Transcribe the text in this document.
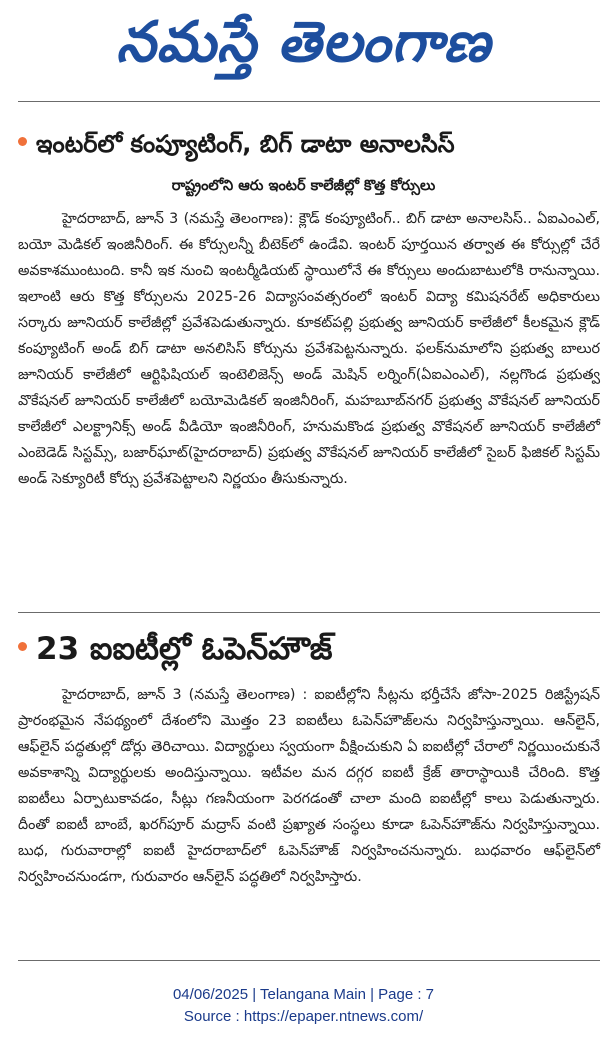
నమస్తే తెలంగాణ
ఇంటర్‌లో కంప్యూటింగ్, బిగ్ డాటా అనాలసిస్
రాష్ట్రంలోని ఆరు ఇంటర్ కాలేజీల్లో కొత్త కోర్సులు
హైదరాబాద్, జూన్ 3 (నమస్తే తెలంగాణ): క్లౌడ్ కంప్యూటింగ్.. బిగ్ డాటా అనాలసిస్.. ఏఐఎంఎల్, బయో మెడికల్ ఇంజినీరింగ్. ఈ కోర్సులన్నీ బీటెక్‌లో ఉండేవి. ఇంటర్ పూర్తయిన తర్వాత ఈ కోర్సుల్లో చేరే అవకాశముంటుంది. కానీ ఇక నుంచి ఇంటర్మీడియట్ స్థాయిలోనే ఈ కోర్సులు అందుబాటులోకి రానున్నాయి. ఇలాంటి ఆరు కొత్త కోర్సులను 2025-26 విద్యాసంవత్సరంలో ఇంటర్ విద్యా కమిషనరేట్ అధికారులు సర్కారు జూనియర్ కాలేజీల్లో ప్రవేశపెడుతున్నారు. కూకట్‌పల్లి ప్రభుత్వ జూనియర్ కాలేజీలో కీలకమైన క్లౌడ్ కంప్యూటింగ్ అండ్ బిగ్ డాటా అనలిసిస్ కోర్సును ప్రవేశపెట్టనున్నారు. ఫలక్‌నుమాలోని ప్రభుత్వ బాలుర జూనియర్ కాలేజీలో ఆర్టిఫిషియల్ ఇంటెలిజెన్స్ అండ్ మెషిన్ లర్నింగ్(ఏఐఎంఎల్), నల్లగొండ ప్రభుత్వ వొకేషనల్ జూనియర్ కాలేజీలో బయోమెడికల్ ఇంజినీరింగ్, మహబూబ్‌నగర్ ప్రభుత్వ వొకేషనల్ జూనియర్ కాలేజీలో ఎలక్ట్రానిక్స్ అండ్ వీడియో ఇంజినీరింగ్, హనుమకొండ ప్రభుత్వ వొకేషనల్ జూనియర్ కాలేజీలో ఎంబెడెడ్ సిస్టమ్స్, బజార్‌ఘాట్(హైదరాబాద్) ప్రభుత్వ వొకేషనల్ జూనియర్ కాలేజీలో సైబర్ ఫిజికల్ సిస్టమ్ అండ్ సెక్యూరిటీ కోర్సు ప్రవేశపెట్టాలని నిర్ణయం తీసుకున్నారు.
23 ఐఐటీల్లో ఓపెన్‌హౌజ్
హైదరాబాద్, జూన్ 3 (నమస్తే తెలంగాణ) : ఐఐటీల్లోని సీట్లను భర్తీచేసే జోసా-2025 రిజిస్ట్రేషన్ ప్రారంభమైన నేపథ్యంలో దేశంలోని మొత్తం 23 ఐఐటీలు ఓపెన్‌హౌజ్‌లను నిర్వహిస్తున్నాయి. ఆన్‌లైన్, ఆఫ్‌లైన్ పద్ధతుల్లో డోర్లు తెరిచాయి. విద్యార్థులు స్వయంగా వీక్షించుకుని ఏ ఐఐటీల్లో చేరాలో నిర్ణయించుకునే అవకాశాన్ని విద్యార్థులకు అందిస్తున్నాయి. ఇటీవల మన దగ్గర ఐఐటీ క్రేజ్ తారాస్థాయికి చేరింది. కొత్త ఐఐటీలు ఏర్పాటుకావడం, సీట్లు గణనీయంగా పెరగడంతో చాలా మంది ఐఐటీల్లో కాలు పెడుతున్నారు. దీంతో ఐఐటీ బాంబే, ఖరగ్‌పూర్ మద్రాస్ వంటి ప్రఖ్యాత సంస్థలు కూడా ఓపెన్‌హౌజ్‌ను నిర్వహిస్తున్నాయి. బుధ, గురువారాల్లో ఐఐటీ హైదరాబాద్‌లో ఓపెన్‌హౌజ్ నిర్వహించనున్నారు. బుధవారం ఆఫ్‌లైన్‌లో నిర్వహించనుండగా, గురువారం ఆన్‌లైన్ పద్ధతిలో నిర్వహిస్తారు.
04/06/2025 | Telangana Main | Page : 7
Source : https://epaper.ntnews.com/
